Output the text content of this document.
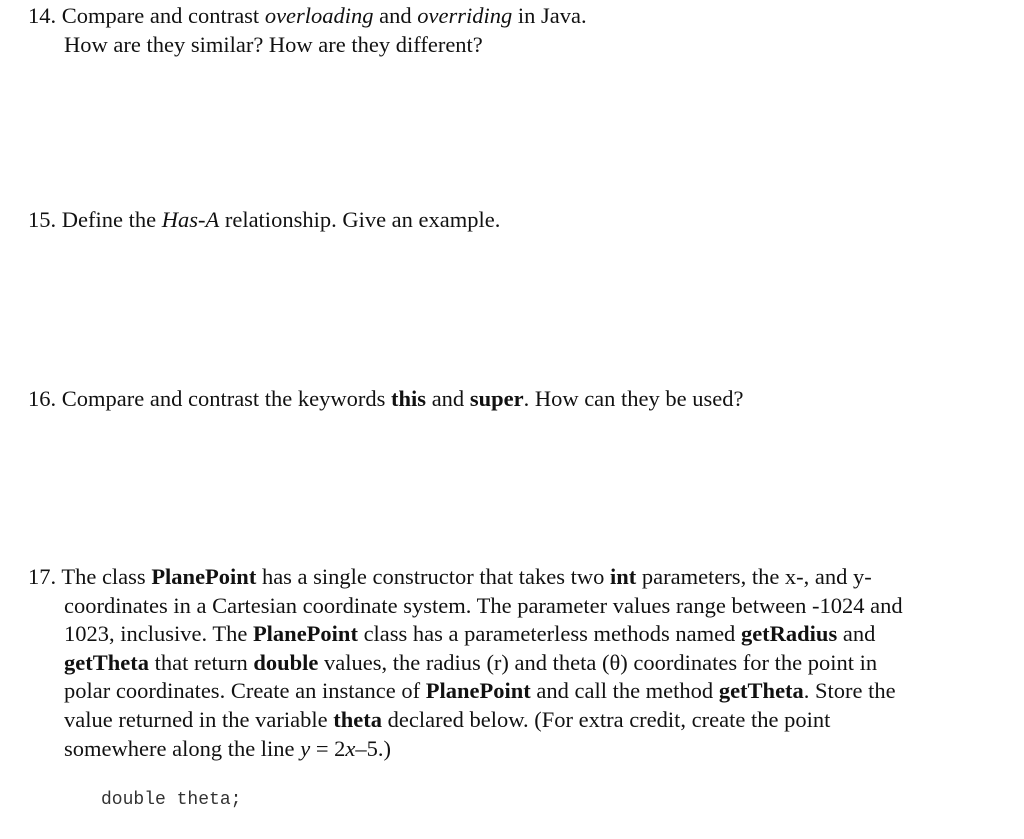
14. Compare and contrast overloading and overriding in Java.
How are they similar? How are they different?
15. Define the Has-A relationship. Give an example.
16. Compare and contrast the keywords this and super. How can they be used?
17. The class PlanePoint has a single constructor that takes two int parameters, the x-, and y-
coordinates in a Cartesian coordinate system. The parameter values range between -1024 and
1023, inclusive. The PlanePoint class has a parameterless methods named getRadius and
getTheta that return double values, the radius (r) and theta (θ) coordinates for the point in
polar coordinates. Create an instance of PlanePoint and call the method getTheta. Store the
value returned in the variable theta declared below. (For extra credit, create the point
somewhere along the line y = 2x–5.)
double theta;
